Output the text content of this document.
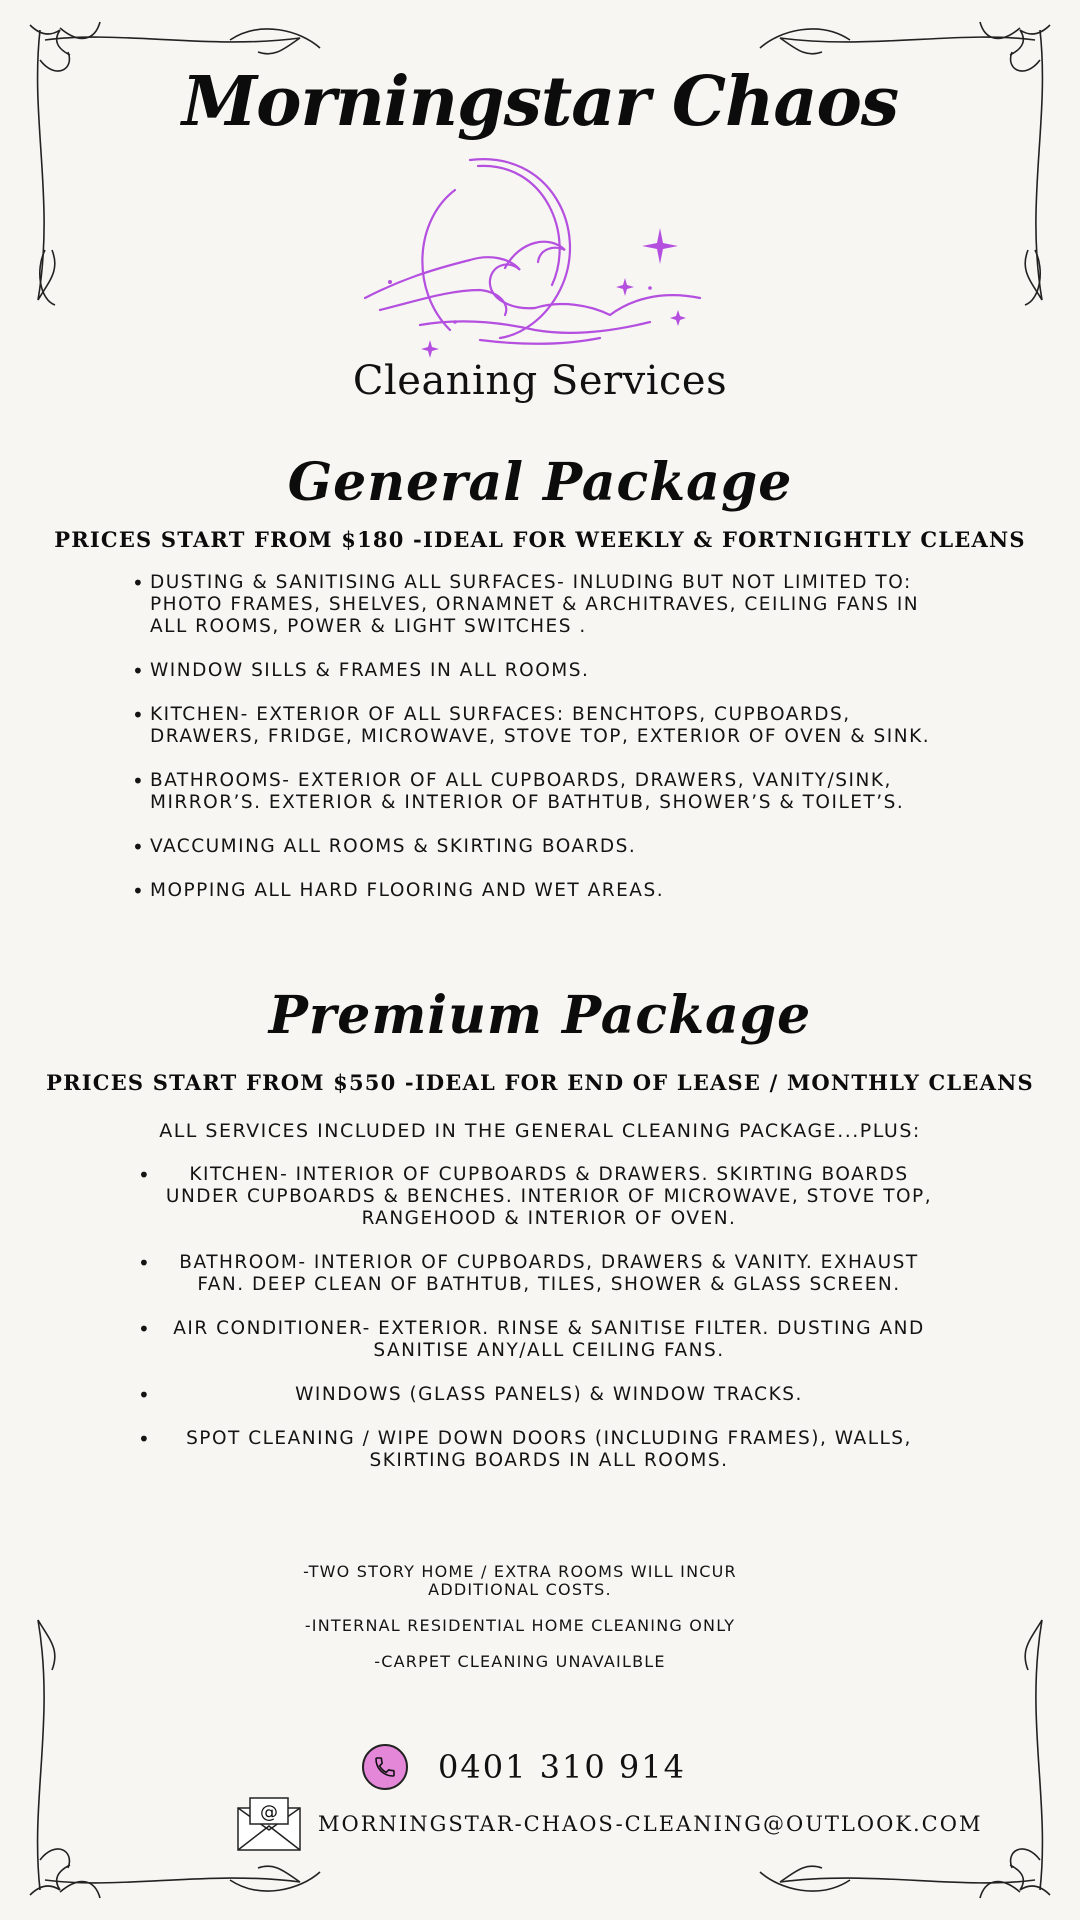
Morningstar Chaos
Cleaning Services
General Package
PRICES START FROM $180 -IDEAL FOR WEEKLY & FORTNIGHTLY CLEANS
• DUSTING & SANITISING ALL SURFACES- INLUDING BUT NOT LIMITED TO: PHOTO FRAMES, SHELVES, ORNAMNET & ARCHITRAVES, CEILING FANS IN ALL ROOMS, POWER & LIGHT SWITCHES .
• WINDOW SILLS & FRAMES IN ALL ROOMS.
• KITCHEN- EXTERIOR OF ALL SURFACES: BENCHTOPS, CUPBOARDS, DRAWERS, FRIDGE, MICROWAVE, STOVE TOP, EXTERIOR OF OVEN & SINK.
• BATHROOMS- EXTERIOR OF ALL CUPBOARDS, DRAWERS, VANITY/SINK, MIRROR’S. EXTERIOR & INTERIOR OF BATHTUB, SHOWER’S & TOILET’S.
• VACCUMING ALL ROOMS & SKIRTING BOARDS.
• MOPPING ALL HARD FLOORING AND WET AREAS.
Premium Package
PRICES START FROM $550 -IDEAL FOR END OF LEASE / MONTHLY CLEANS
ALL SERVICES INCLUDED IN THE GENERAL CLEANING PACKAGE...PLUS:
• KITCHEN- INTERIOR OF CUPBOARDS & DRAWERS. SKIRTING BOARDS UNDER CUPBOARDS & BENCHES. INTERIOR OF MICROWAVE, STOVE TOP, RANGEHOOD & INTERIOR OF OVEN.
• BATHROOM- INTERIOR OF CUPBOARDS, DRAWERS & VANITY. EXHAUST FAN. DEEP CLEAN OF BATHTUB, TILES, SHOWER & GLASS SCREEN.
• AIR CONDITIONER- EXTERIOR. RINSE & SANITISE FILTER. DUSTING AND SANITISE ANY/ALL CEILING FANS.
• WINDOWS (GLASS PANELS) & WINDOW TRACKS.
• SPOT CLEANING / WIPE DOWN DOORS (INCLUDING FRAMES), WALLS, SKIRTING BOARDS IN ALL ROOMS.
-TWO STORY HOME / EXTRA ROOMS WILL INCUR ADDITIONAL COSTS.
-INTERNAL RESIDENTIAL HOME CLEANING ONLY
-CARPET CLEANING UNAVAILBLE
0401 310 914
@ MORNINGSTAR-CHAOS-CLEANING@OUTLOOK.COM
